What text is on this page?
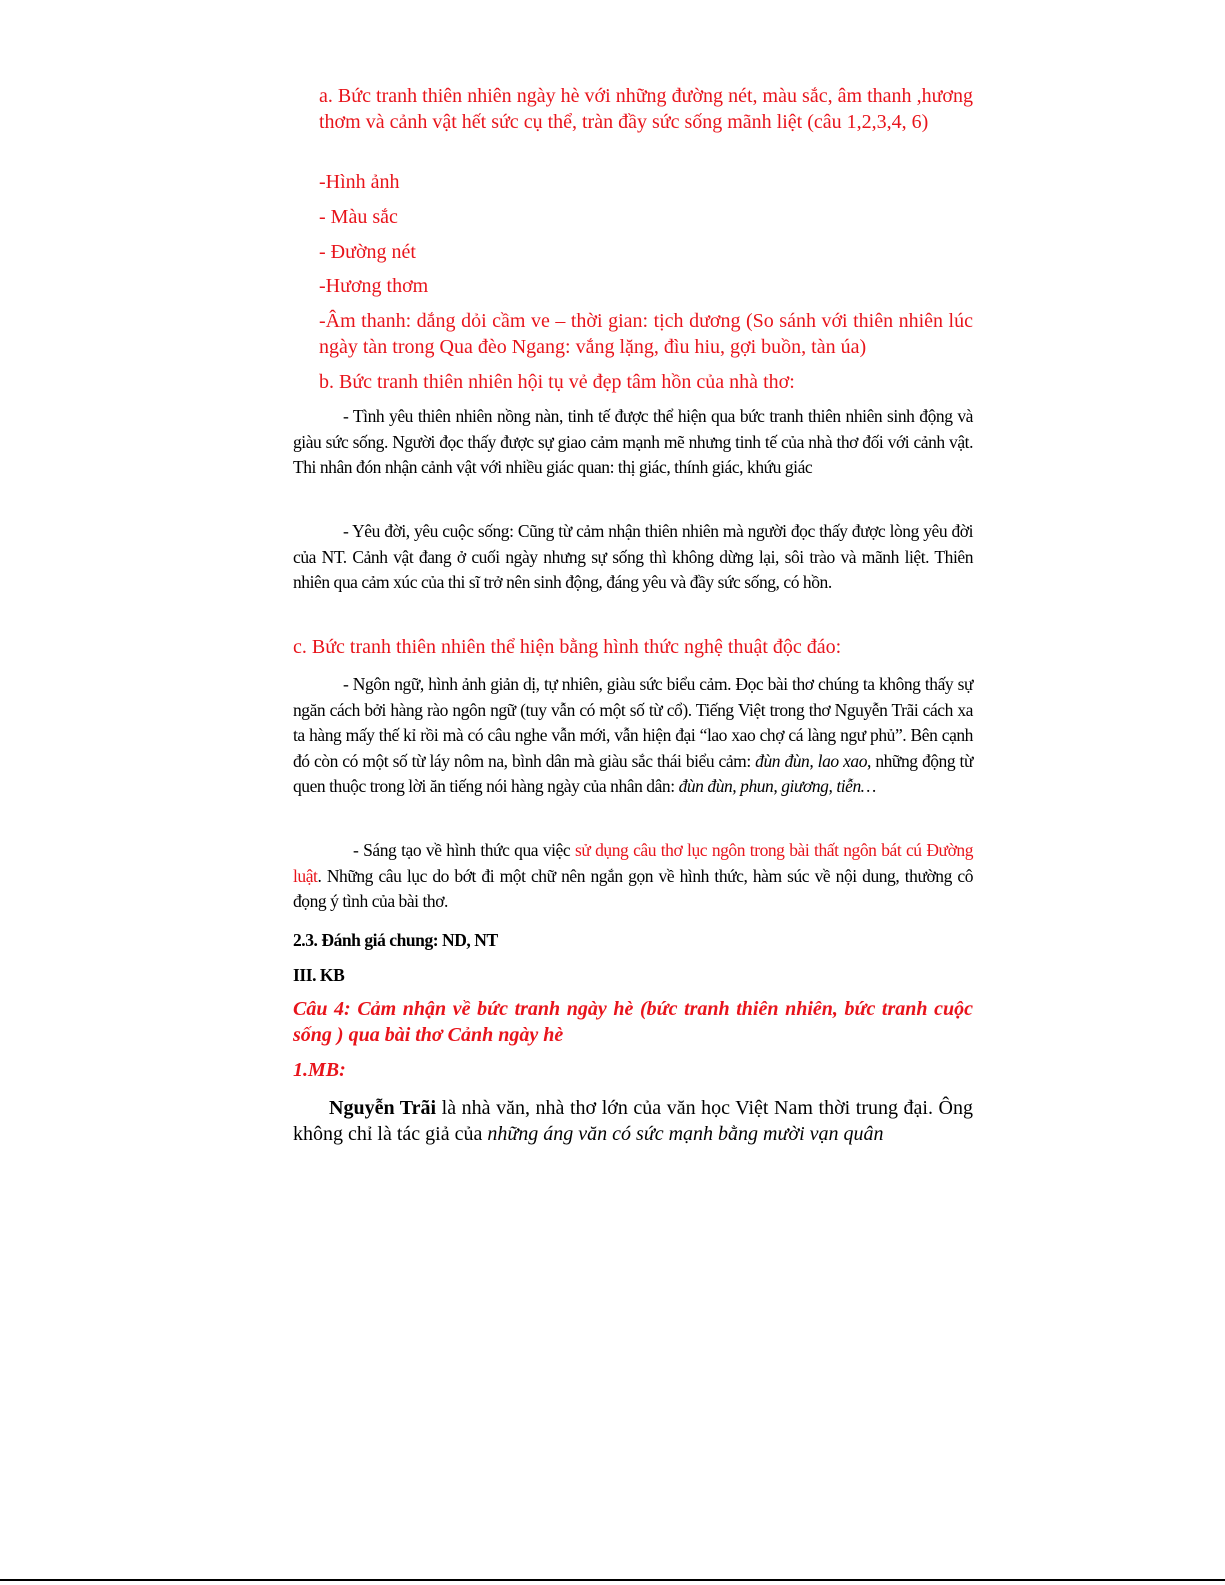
a. Bức tranh thiên nhiên ngày hè với những đường nét, màu sắc, âm thanh ,hương thơm và cảnh vật hết sức cụ thể, tràn đầy sức sống mãnh liệt (câu 1,2,3,4, 6)

-Hình ảnh

- Màu sắc

- Đường nét

-Hương thơm

-Âm thanh: dắng dỏi cầm ve – thời gian: tịch dương (So sánh với thiên nhiên lúc ngày tàn trong Qua đèo Ngang: vắng lặng, đìu hiu, gợi buồn, tàn úa)

b. Bức tranh thiên nhiên hội tụ vẻ đẹp tâm hồn của nhà thơ:

- Tình yêu thiên nhiên nồng nàn, tinh tế được thể hiện qua bức tranh thiên nhiên sinh động và giàu sức sống. Người đọc thấy được sự giao cảm mạnh mẽ nhưng tinh tế của nhà thơ đối với cảnh vật. Thi nhân đón nhận cảnh vật với nhiều giác quan: thị giác, thính giác, khứu giác

- Yêu đời, yêu cuộc sống: Cũng từ cảm nhận thiên nhiên mà người đọc thấy được lòng yêu đời của NT. Cảnh vật đang ở cuối ngày nhưng sự sống thì không dừng lại, sôi trào và mãnh liệt. Thiên nhiên qua cảm xúc của thi sĩ trở nên sinh động, đáng yêu và đầy sức sống, có hồn.

c. Bức tranh thiên nhiên thể hiện bằng hình thức nghệ thuật độc đáo:

- Ngôn ngữ, hình ảnh giản dị, tự nhiên, giàu sức biểu cảm. Đọc bài thơ chúng ta không thấy sự ngăn cách bởi hàng rào ngôn ngữ (tuy vẫn có một số từ cổ). Tiếng Việt trong thơ Nguyễn Trãi cách xa ta hàng mấy thế kỉ rồi mà có câu nghe vẫn mới, vẫn hiện đại “lao xao chợ cá làng ngư phủ”. Bên cạnh đó còn có một số từ láy nôm na, bình dân mà giàu sắc thái biểu cảm: đùn đùn, lao xao, những động từ quen thuộc trong lời ăn tiếng nói hàng ngày của nhân dân: đùn đùn, phun, giương, tiễn…

- Sáng tạo về hình thức qua việc sử dụng câu thơ lục ngôn trong bài thất ngôn bát cú Đường luật. Những câu lục do bớt đi một chữ nên ngắn gọn về hình thức, hàm súc về nội dung, thường cô đọng ý tình của bài thơ.

2.3. Đánh giá chung: ND, NT

III. KB

Câu 4: Cảm nhận về bức tranh ngày hè (bức tranh thiên nhiên, bức tranh cuộc sống ) qua bài thơ Cảnh ngày hè

1.MB:

Nguyễn Trãi là nhà văn, nhà thơ lớn của văn học Việt Nam thời trung đại. Ông không chỉ là tác giả của những áng văn có sức mạnh bằng mười vạn quân
